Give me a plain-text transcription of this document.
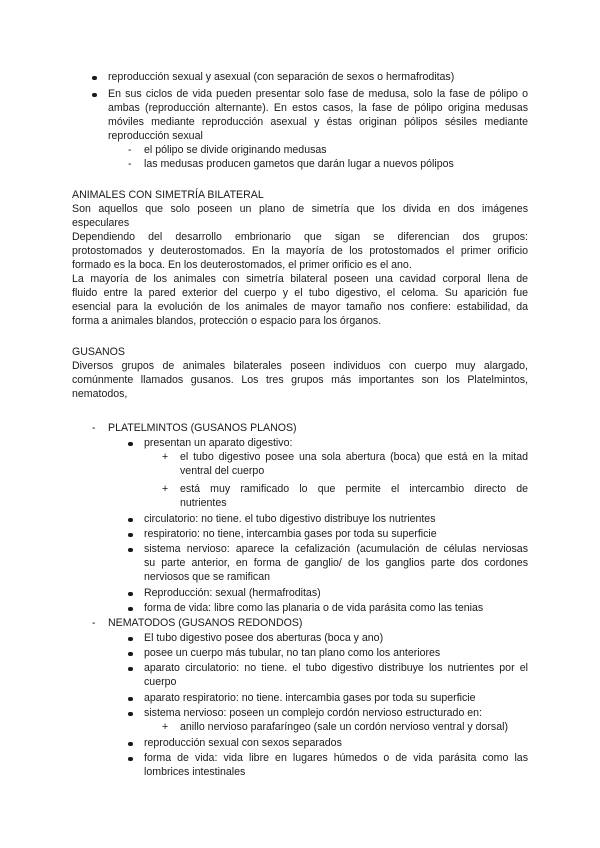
reproducción sexual y asexual (con separación de sexos o hermafroditas)
En sus ciclos de vida pueden presentar solo fase de medusa, solo la fase de pólipo o
ambas (reproducción alternante). En estos casos, la fase de pólipo origina medusas
móviles mediante reproducción asexual y éstas originan pólipos sésiles mediante
reproducción sexual
- el pólipo se divide originando medusas
- las medusas producen gametos que darán lugar a nuevos pólipos
ANIMALES CON SIMETRÍA BILATERAL
Son aquellos que solo poseen un plano de simetría que los divida en dos imágenes
especulares
Dependiendo del desarrollo embrionario que sigan se diferencian dos grupos:
protostomados y deuterostomados. En la mayoría de los protostomados el primer orificio
formado es la boca. En los deuterostomados, el primer orificio es el ano.
La mayoría de los animales con simetría bilateral poseen una cavidad corporal llena de
fluido entre la pared exterior del cuerpo y el tubo digestivo, el celoma. Su aparición fue
esencial para la evolución de los animales de mayor tamaño nos confiere: estabilidad, da
forma a animales blandos, protección o espacio para los órganos.
GUSANOS
Diversos grupos de animales bilaterales poseen individuos con cuerpo muy alargado,
comúnmente llamados gusanos. Los tres grupos más importantes son los Platelmintos,
nematodos,
- PLATELMINTOS (GUSANOS PLANOS)
presentan un aparato digestivo:
+ el tubo digestivo posee una sola abertura (boca) que está en la mitad
ventral del cuerpo
+ está muy ramificado lo que permite el intercambio directo de
nutrientes
circulatorio: no tiene. el tubo digestivo distribuye los nutrientes
respiratorio: no tiene, intercambia gases por toda su superficie
sistema nervioso: aparece la cefalización (acumulación de células nerviosas
su parte anterior, en forma de ganglio/ de los ganglios parte dos cordones
nerviosos que se ramifican
Reproducción: sexual (hermafroditas)
forma de vida: libre como las planaria o de vida parásita como las tenias
- NEMATODOS (GUSANOS REDONDOS)
El tubo digestivo posee dos aberturas (boca y ano)
posee un cuerpo más tubular, no tan plano como los anteriores
aparato circulatorio: no tiene. el tubo digestivo distribuye los nutrientes por el
cuerpo
aparato respiratorio: no tiene. intercambia gases por toda su superficie
sistema nervioso: poseen un complejo cordón nervioso estructurado en:
+ anillo nervioso parafaríngeo (sale un cordón nervioso ventral y dorsal)
reproducción sexual con sexos separados
forma de vida: vida libre en lugares húmedos o de vida parásita como las
lombrices intestinales
